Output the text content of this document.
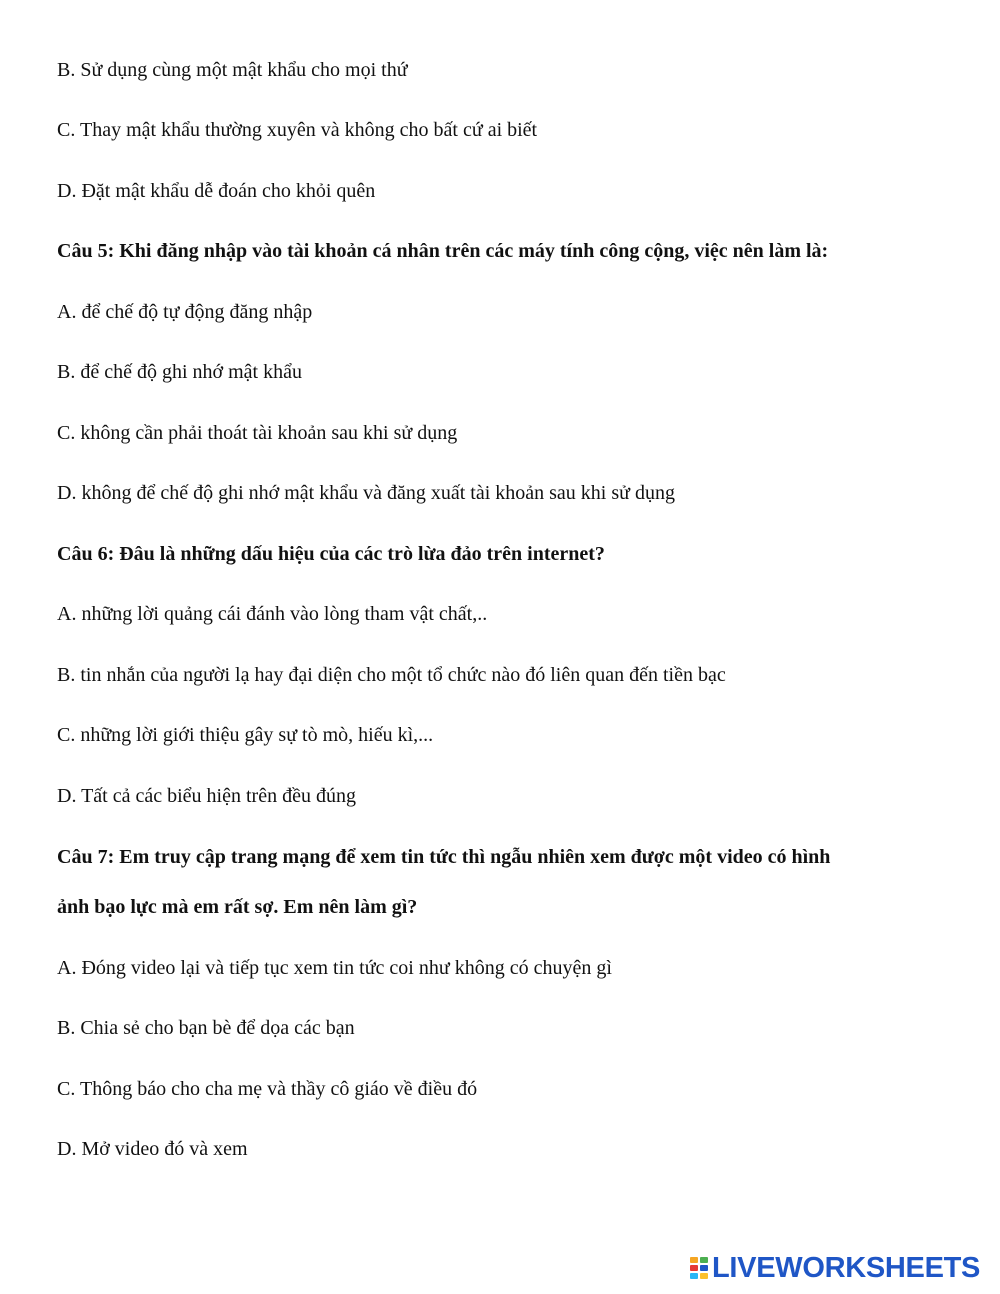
B. Sử dụng cùng một mật khẩu cho mọi thứ

C. Thay mật khẩu thường xuyên và không cho bất cứ ai biết

D. Đặt mật khẩu dễ đoán cho khỏi quên

Câu 5: Khi đăng nhập vào tài khoản cá nhân trên các máy tính công cộng, việc nên làm là:

A. để chế độ tự động đăng nhập

B. để chế độ ghi nhớ mật khẩu

C. không cần phải thoát tài khoản sau khi sử dụng

D. không để chế độ ghi nhớ mật khẩu và đăng xuất tài khoản sau khi sử dụng

Câu 6: Đâu là những dấu hiệu của các trò lừa đảo trên internet?

A. những lời quảng cái đánh vào lòng tham vật chất,..

B. tin nhắn của người lạ hay đại diện cho một tổ chức nào đó liên quan đến tiền bạc

C. những lời giới thiệu gây sự tò mò, hiếu kì,...

D. Tất cả các biểu hiện trên đều đúng

Câu 7: Em truy cập trang mạng để xem tin tức thì ngẫu nhiên xem được một video có hình

ảnh bạo lực mà em rất sợ. Em nên làm gì?

A. Đóng video lại và tiếp tục xem tin tức coi như không có chuyện gì

B. Chia sẻ cho bạn bè để dọa các bạn

C. Thông báo cho cha mẹ và thầy cô giáo về điều đó

D. Mở video đó và xem

LIVEWORKSHEETS
